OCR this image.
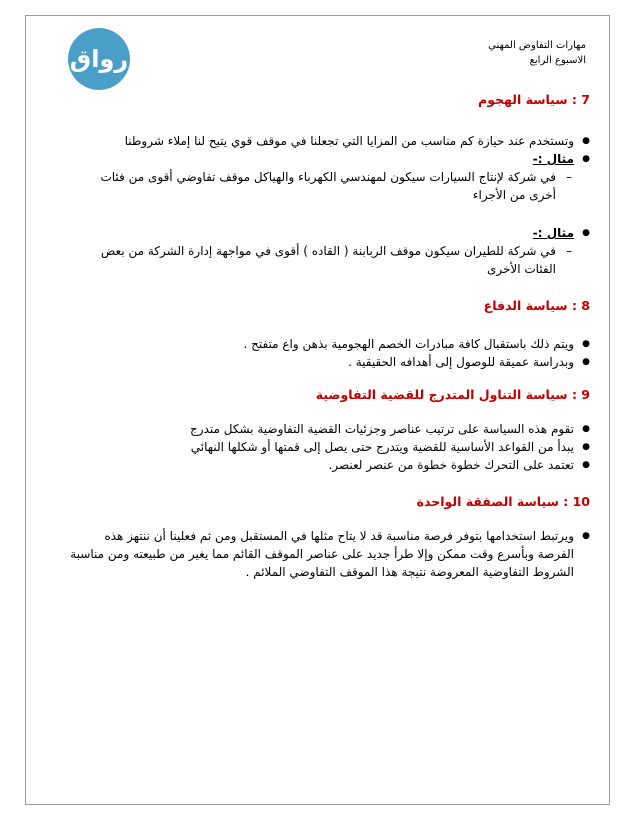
رواق	مهارات التفاوض المهني
الاسبوع الرابع
7 : سياسة الهجوم
● وتستخدم عند حيازة كم مناسب من المزايا التي تجعلنا في موقف قوي يتيح لنا إملاء شروطنا
● مثال :-
– في شركة لإنتاج السيارات سيكون لمهندسي الكهرباء والهياكل موقف تفاوضي أقوى من فئات أخرى من الأجراء
● مثال :-
– في شركة للطيران سيكون موقف الربابنة ( القاده ) أقوى في مواجهة إدارة الشركة من بعض الفئات الأخرى
8 : سياسة الدفاع
● ويتم ذلك باستقبال كافة مبادرات الخصم الهجومية بذهن واع متفتح .
● وبدراسة عميقة للوصول إلى أهدافه الحقيقية .
9 : سياسة التناول المتدرج للقضية التفاوضية
● تقوم هذه السياسة على ترتيب عناصر وجزئيات القضية التفاوضية بشكل متدرج
● يبدأ من القواعد الأساسية للقضية ويتدرج حتى يصل إلى قمتها أو شكلها النهائي
● تعتمد على التحرك خطوة خطوة من عنصر لعنصر.
10 : سياسة الصفقة الواحدة
● ويرتبط استخدامها بتوفر فرصة مناسبة قد لا يتاح مثلها في المستقبل ومن ثم فعلينا أن ننتهز هذه الفرصة وبأسرع وقت ممكن وإلا طرأ جديد على عناصر الموقف القائم مما يغير من طبيعته ومن مناسبة الشروط التفاوضية المعروضة نتيجة هذا الموقف التفاوضي الملائم .
